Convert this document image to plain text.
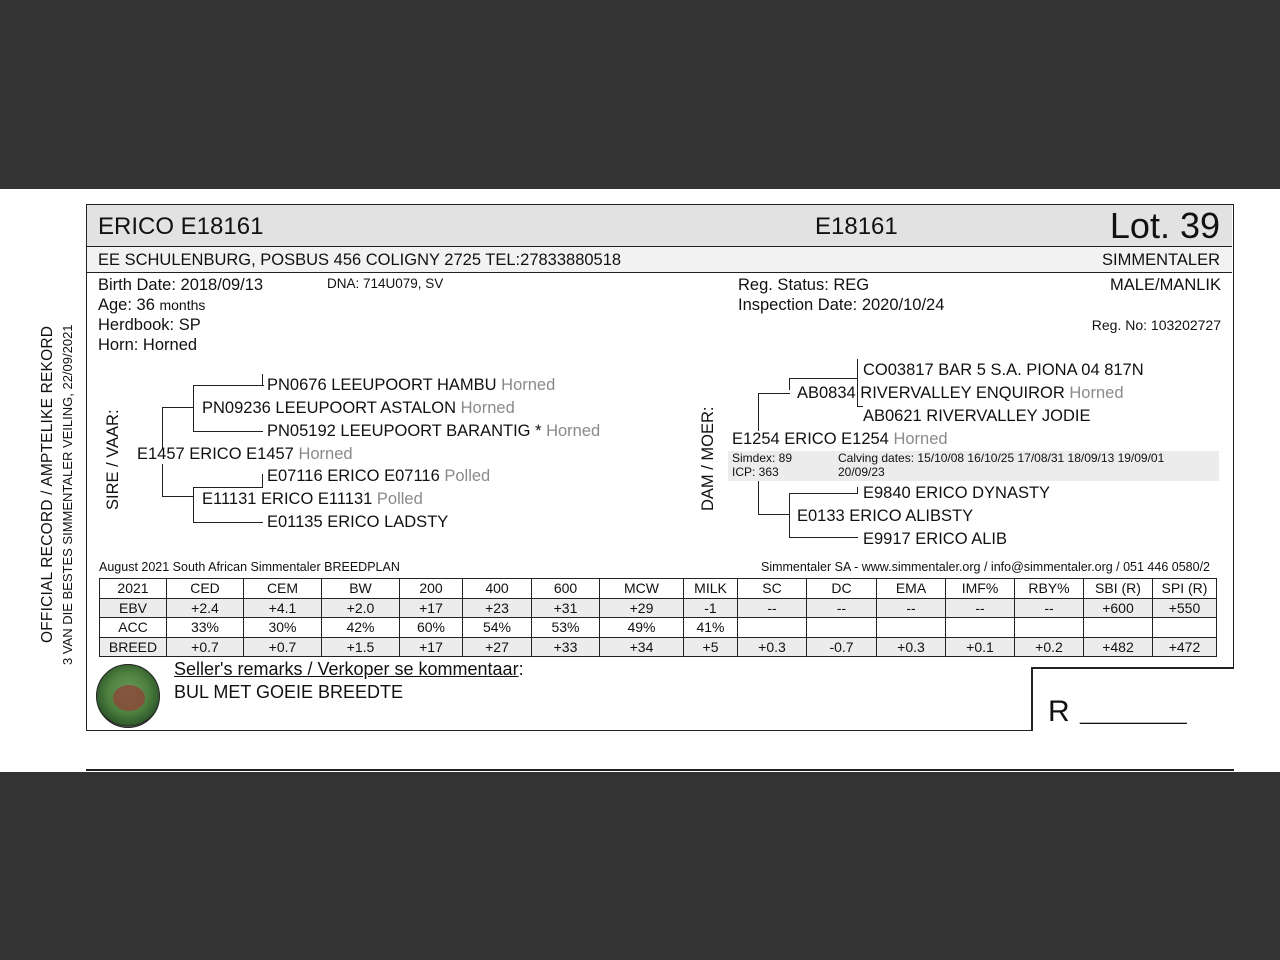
OFFICIAL RECORD / AMPTELIKE REKORD 3 VAN DIE BESTES SIMMENTALER VEILING, 22/09/2021
ERICO E18161	E18161	Lot. 39
EE SCHULENBURG, POSBUS 456 COLIGNY 2725 TEL:27833880518	SIMMENTALER
Birth Date: 2018/09/13	DNA: 714U079, SV
Age: 36 months
Herdbook: SP
Horn: Horned
Reg. Status: REG
Inspection Date: 2020/10/24
MALE/MANLIK
Reg. No: 103202727
SIRE / VAAR:
PN0676 LEEUPOORT HAMBU Horned
PN09236 LEEUPOORT ASTALON Horned
PN05192 LEEUPOORT BARANTIG * Horned
E1457 ERICO E1457 Horned
E07116 ERICO E07116 Polled
E11131 ERICO E11131 Polled
E01135 ERICO LADSTY
DAM / MOER:
CO03817 BAR 5 S.A. PIONA 04 817N
AB0834 RIVERVALLEY ENQUIROR Horned
AB0621 RIVERVALLEY JODIE
E1254 ERICO E1254 Horned
Simdex: 89
ICP: 363
Calving dates: 15/10/08 16/10/25 17/08/31 18/09/13 19/09/01
20/09/23
E9840 ERICO DYNASTY
E0133 ERICO ALIBSTY
E9917 ERICO ALIB
August 2021 South African Simmentaler BREEDPLAN	Simmentaler SA - www.simmentaler.org / info@simmentaler.org / 051 446 0580/2
2021	CED	CEM	BW	200	400	600	MCW	MILK	SC	DC	EMA	IMF%	RBY%	SBI (R)	SPI (R)
EBV	+2.4	+4.1	+2.0	+17	+23	+31	+29	-1	--	--	--	--	--	+600	+550
ACC	33%	30%	42%	60%	54%	53%	49%	41%							
BREED	+0.7	+0.7	+1.5	+17	+27	+33	+34	+5	+0.3	-0.7	+0.3	+0.1	+0.2	+482	+472
Seller's remarks / Verkoper se kommentaar:
BUL MET GOEIE BREEDTE
R __________
